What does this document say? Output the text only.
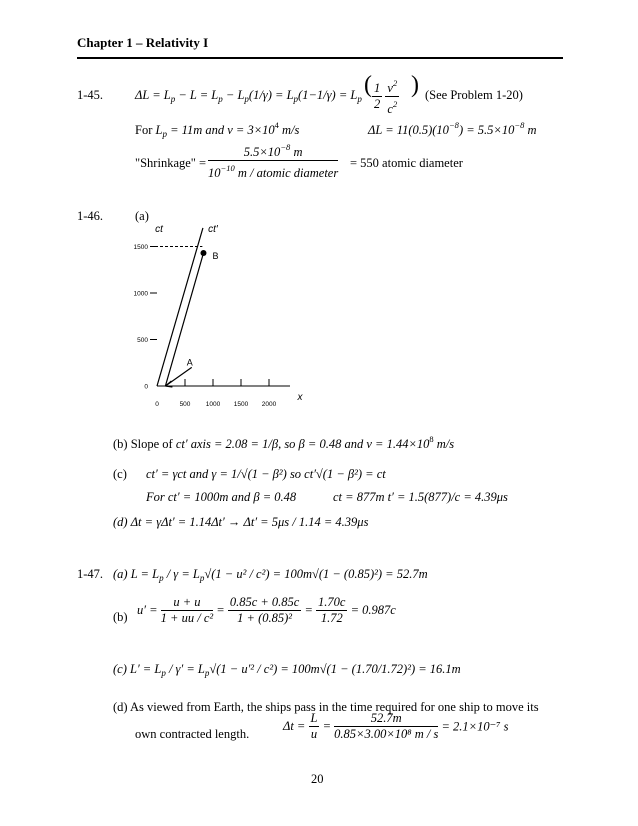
Chapter 1 – Relativity I
1-45.	$\Delta L = L_p - L = L_p - L_p(1/\gamma) = L_p(1-1/\gamma) = L_p$
( $\frac{1}{2}$
$\frac{v^2}{c^2}$ ) (See Problem 1-20)
For $L_p = 11m$ and $v = 3\times 10^4$ m/s	$\Delta L = 11(0.5)(10^{-8}) = 5.5\times 10^{-8}$ m
"Shrinkage" = $\frac{5.5\times 10^{-8} m}{10^{-10} m / atomic diameter} = 550$ atomic diameter
1-46.	(a)
0	500 1000 1500 2000
0
500
1000
1500
B
A
ct	ct′
x
(b) Slope of ct′ axis = 2.08 = 1/β, so β = 0.48 and $v = 1.44\times 10^8$ m/s
(c) ct′ = γct and γ = 1/√(1 − β²) so ct′√(1 − β²) = ct
For ct′ = 1000m and β = 0.48	ct = 877m t′ = 1.5(877)/c = 4.39μs
(d) Δt = γΔt′ = 1.14Δt′ → Δt′ = 5μs / 1.14 = 4.39μs
1-47. (a) $L = L_p / \gamma = L_p√(1 - u^2 / c^2) = 100m√(1 - (0.85)^2) = 52.7m$
(b) $u' = \frac{u + u}{\text{1 + uu / c²}} = \frac{0.85c + 0.85c}{\text{1 + (0.85)²}} = \frac{1.70c}{1.72} = 0.987c$
(c) $L' = L_p / \gamma' = L_p√(1 - u'^2 / c^2) = 100m√(1 - (1.70/1.72)^2) = 16.1m$
(d) As viewed from Earth, the ships pass in the time required for one ship to move its
own contracted length.
$\Delta t = \frac{L}{u} = \frac{52.7m}{\text{0.85×3.00×10⁸ m / s}} = 2.1\times 10^{-7}$ s
20
